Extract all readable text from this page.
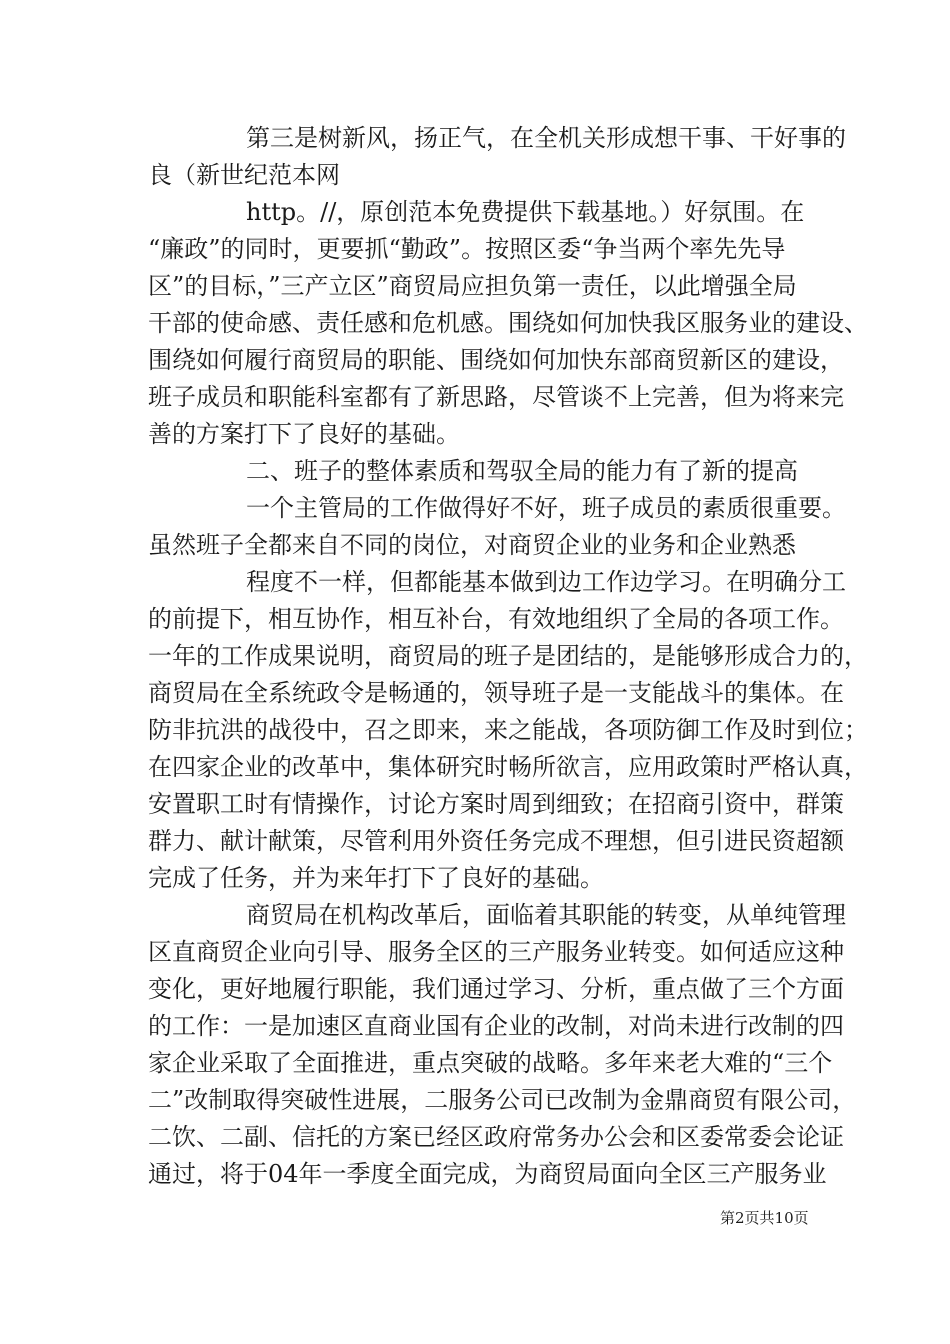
第三是树新风，扬正气，在全机关形成想干事、干好事的
良（新世纪范本网
http。//，原创范本免费提供下载基地。）好氛围。在
“廉政”的同时，更要抓“勤政”。按照区委“争当两个率先先导
区”的目标，”三产立区”商贸局应担负第一责任，以此增强全局
干部的使命感、责任感和危机感。围绕如何加快我区服务业的建设、
围绕如何履行商贸局的职能、围绕如何加快东部商贸新区的建设，
班子成员和职能科室都有了新思路，尽管谈不上完善，但为将来完
善的方案打下了良好的基础。
二、班子的整体素质和驾驭全局的能力有了新的提高
一个主管局的工作做得好不好，班子成员的素质很重要。
虽然班子全都来自不同的岗位，对商贸企业的业务和企业熟悉
程度不一样，但都能基本做到边工作边学习。在明确分工
的前提下，相互协作，相互补台，有效地组织了全局的各项工作。
一年的工作成果说明，商贸局的班子是团结的，是能够形成合力的，
商贸局在全系统政令是畅通的，领导班子是一支能战斗的集体。在
防非抗洪的战役中，召之即来，来之能战，各项防御工作及时到位；
在四家企业的改革中，集体研究时畅所欲言，应用政策时严格认真，
安置职工时有情操作，讨论方案时周到细致；在招商引资中，群策
群力、献计献策，尽管利用外资任务完成不理想，但引进民资超额
完成了任务，并为来年打下了良好的基础。
商贸局在机构改革后，面临着其职能的转变，从单纯管理
区直商贸企业向引导、服务全区的三产服务业转变。如何适应这种
变化，更好地履行职能，我们通过学习、分析，重点做了三个方面
的工作：一是加速区直商业国有企业的改制，对尚未进行改制的四
家企业采取了全面推进，重点突破的战略。多年来老大难的“三个
二”改制取得突破性进展，二服务公司已改制为金鼎商贸有限公司，
二饮、二副、信托的方案已经区政府常务办公会和区委常委会论证
通过，将于04年一季度全面完成，为商贸局面向全区三产服务业
第2页共10页
